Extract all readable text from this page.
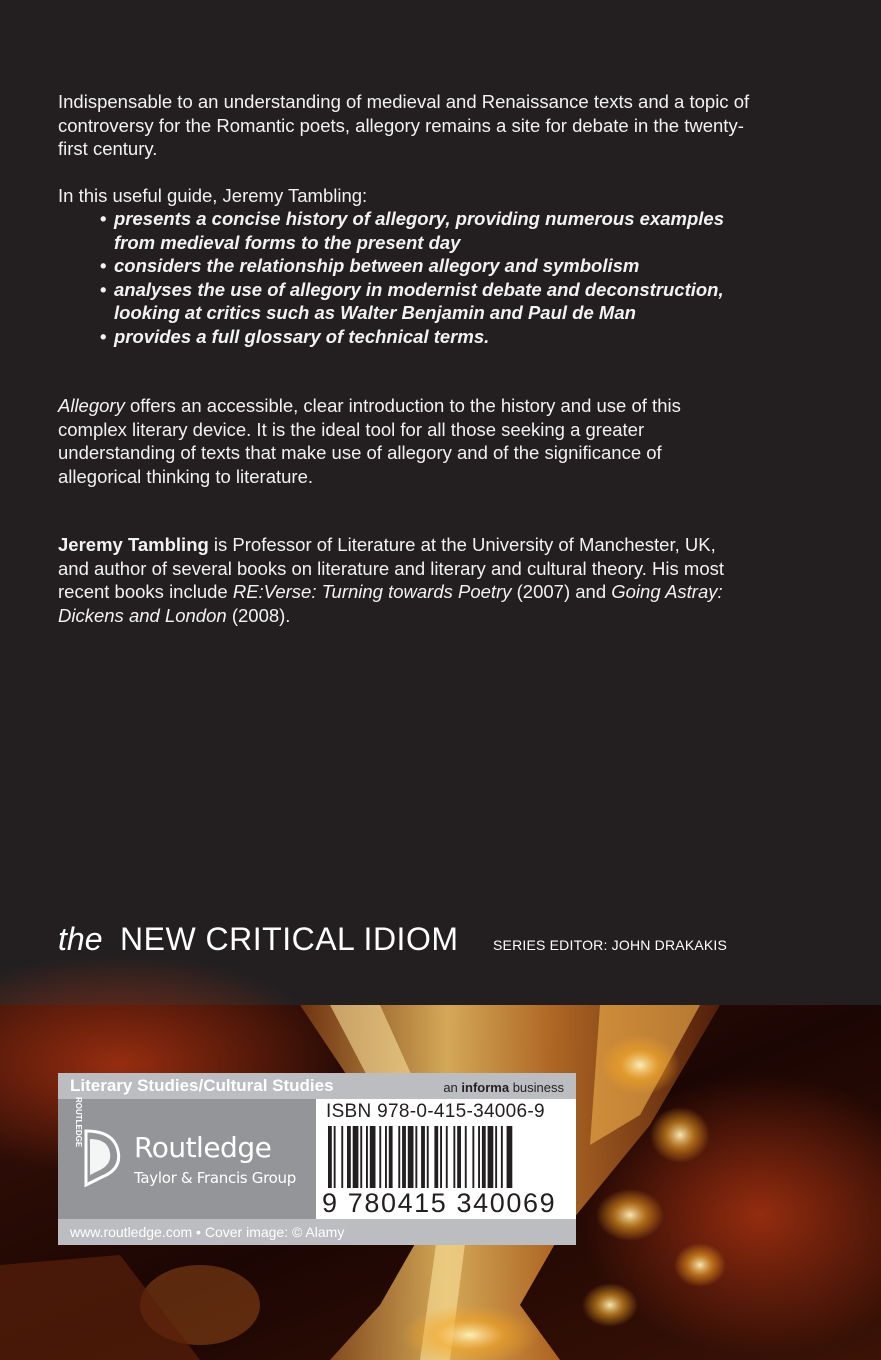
Indispensable to an understanding of medieval and Renaissance texts and a topic of controversy for the Romantic poets, allegory remains a site for debate in the twenty-first century.

In this useful guide, Jeremy Tambling:

• presents a concise history of allegory, providing numerous examples from medieval forms to the present day
• considers the relationship between allegory and symbolism
• analyses the use of allegory in modernist debate and deconstruction, looking at critics such as Walter Benjamin and Paul de Man
• provides a full glossary of technical terms.

Allegory offers an accessible, clear introduction to the history and use of this complex literary device. It is the ideal tool for all those seeking a greater understanding of texts that make use of allegory and of the significance of allegorical thinking to literature.

Jeremy Tambling is Professor of Literature at the University of Manchester, UK, and author of several books on literature and literary and cultural theory. His most recent books include RE:Verse: Turning towards Poetry (2007) and Going Astray: Dickens and London (2008).

the NEW CRITICAL IDIOM SERIES EDITOR: JOHN DRAKAKIS
Literary Studies/Cultural Studies	an informa business
ROUTLEDGE
Routledge
Taylor & Francis Group
ISBN 978-0-415-34006-9
9 780415 340069
www.routledge.com • Cover image: © Alamy
